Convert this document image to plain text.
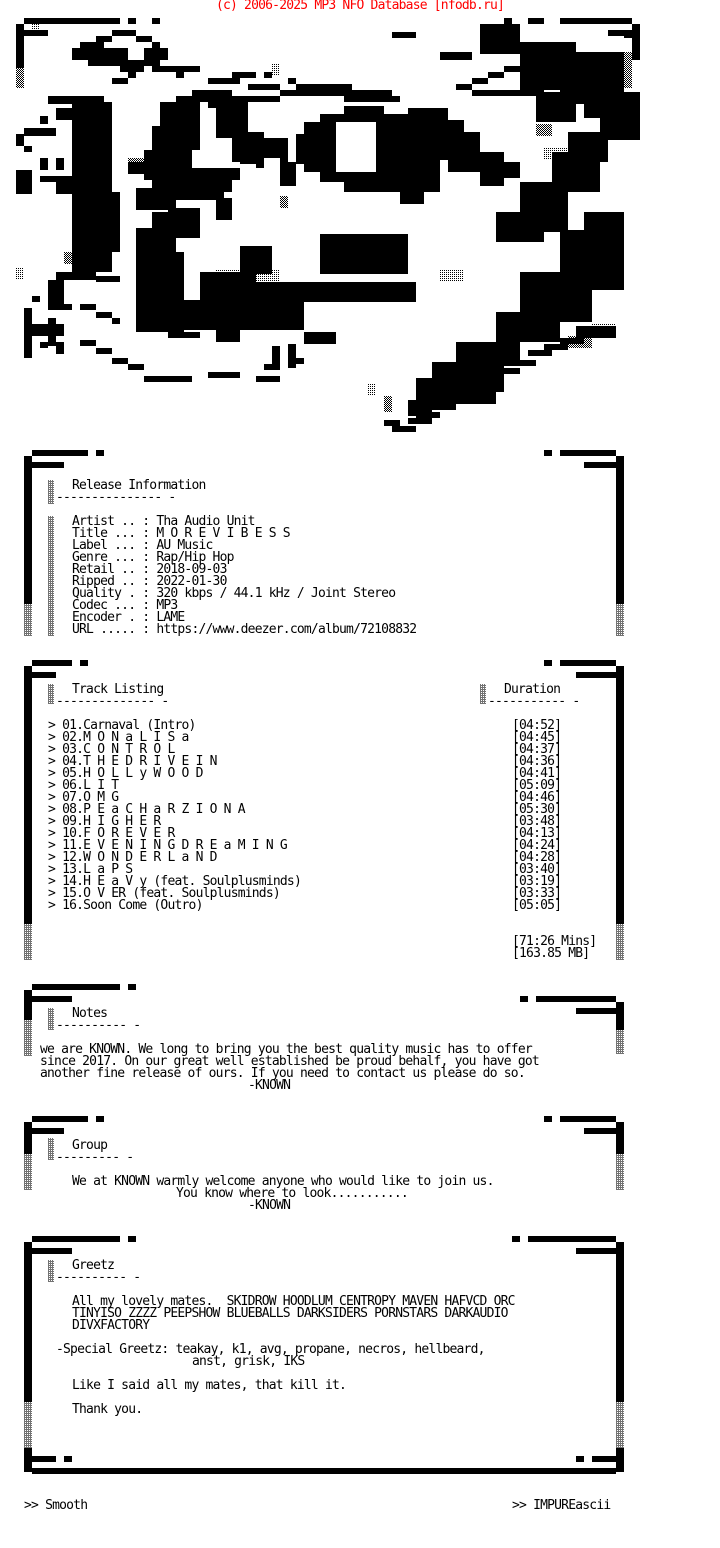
(c) 2006-2025 MP3 NFO Database [nfodb.ru]
sM
Release Information
--------------- -
Artist .. : Tha Audio Unit
Title ... : M O R E V I B E S S
Label ... : AU Music
Genre ... : Rap/Hip Hop
Retail .. : 2018-09-03
Ripped .. : 2022-01-30
Quality . : 320 kbps / 44.1 kHz / Joint Stereo
Codec ... : MP3
Encoder . : LAME
URL ..... : https://www.deezer.com/album/72108832
Track Listing
-------------- -
Duration
----------- -
> 01.Carnaval (Intro)	[04:52]
> 02.M O N a L I S a	[04:45]
> 03.C O N T R O L	[04:37]
> 04.T H E D R I V E I N	[04:36]
> 05.H O L L y W O O D	[04:41]
> 06.L I T	[05:09]
> 07.O M G	[04:46]
> 08.P E a C H a R Z I O N A	[05:30]
> 09.H I G H E R	[03:48]
> 10.F O R E V E R	[04:13]
> 11.E V E N I N G D R E a M I N G	[04:24]
> 12.W O N D E R L a N D	[04:28]
> 13.L a P S	[03:40]
> 14.H E a V y (feat. Soulplusminds)	[03:19]
> 15.O V ER (feat. Soulplusminds)	[03:33]
> 16.Soon Come (Outro)	[05:05]
[71:26 Mins]
[163.85 MB]
Notes
---------- -
we are KNOWN. We long to bring you the best quality music has to offer
since 2017. On our great well established be proud behalf, you have got
another fine release of ours. If you need to contact us please do so.
-KNOWN
Group
--------- -
We at KNOWN warmly welcome anyone who would like to join us.
You know where to look...........
-KNOWN
Greetz
---------- -
All my lovely mates.  SKIDROW HOODLUM CENTROPY MAVEN HAFVCD ORC
TINYISO ZZZZ PEEPSHOW BLUEBALLS DARKSIDERS PORNSTARS DARKAUDIO
DIVXFACTORY
-Special Greetz: teakay, k1, avg, propane, necros, hellbeard,
anst, grisk, IKS
Like I said all my mates, that kill it.
Thank you.
>> Smooth	>> IMPUREascii
